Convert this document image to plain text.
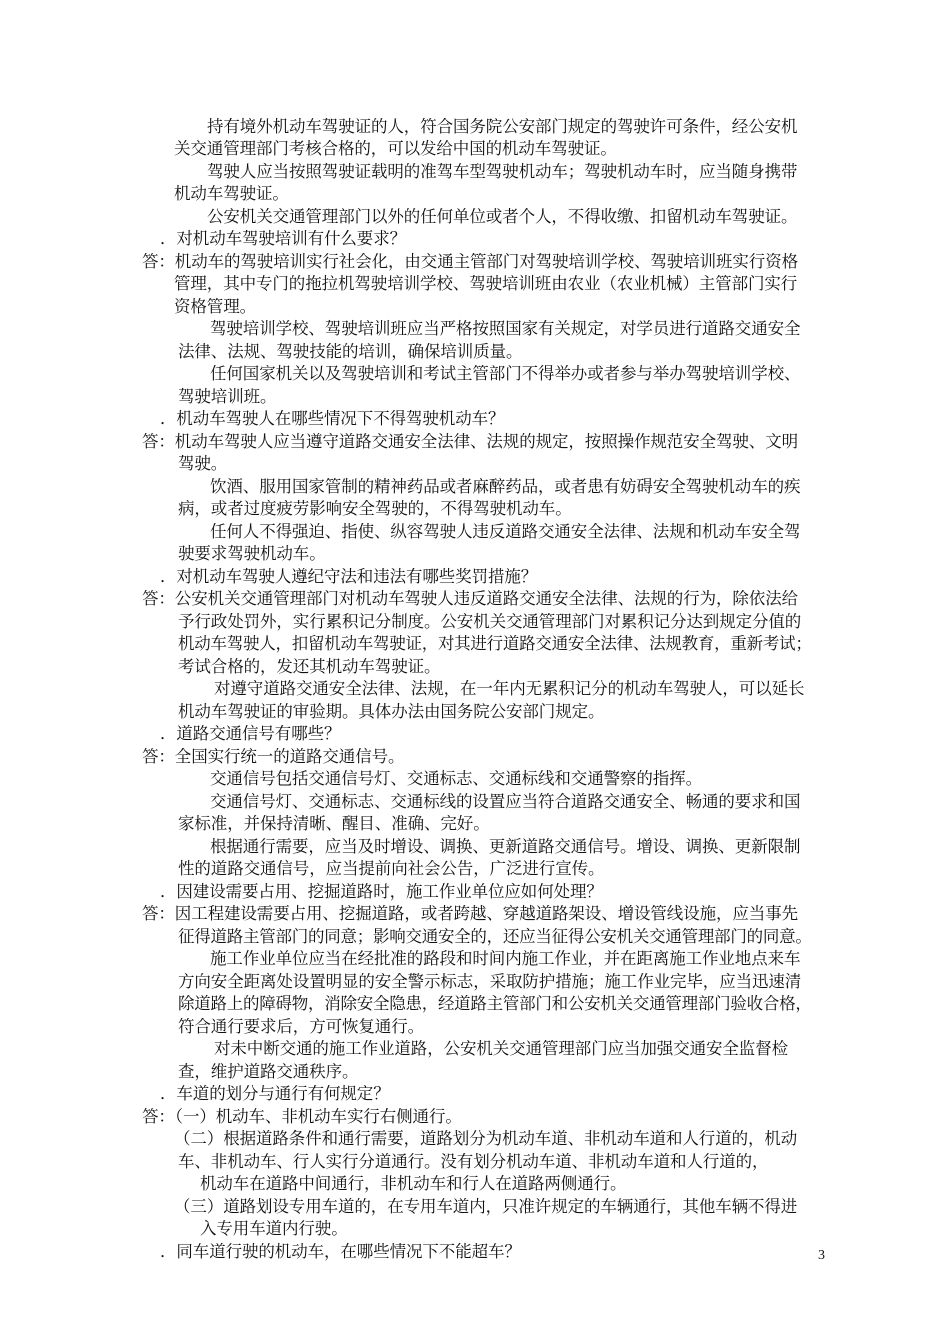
持有境外机动车驾驶证的人，符合国务院公安部门规定的驾驶许可条件，经公安机
关交通管理部门考核合格的，可以发给中国的机动车驾驶证。
驾驶人应当按照驾驶证载明的准驾车型驾驶机动车；驾驶机动车时，应当随身携带
机动车驾驶证。
公安机关交通管理部门以外的任何单位或者个人，不得收缴、扣留机动车驾驶证。
．对机动车驾驶培训有什么要求？
答：机动车的驾驶培训实行社会化，由交通主管部门对驾驶培训学校、驾驶培训班实行资格
管理，其中专门的拖拉机驾驶培训学校、驾驶培训班由农业（农业机械）主管部门实行
资格管理。
驾驶培训学校、驾驶培训班应当严格按照国家有关规定，对学员进行道路交通安全
法律、法规、驾驶技能的培训，确保培训质量。
任何国家机关以及驾驶培训和考试主管部门不得举办或者参与举办驾驶培训学校、
驾驶培训班。
．机动车驾驶人在哪些情况下不得驾驶机动车？
答：机动车驾驶人应当遵守道路交通安全法律、法规的规定，按照操作规范安全驾驶、文明
驾驶。
饮酒、服用国家管制的精神药品或者麻醉药品，或者患有妨碍安全驾驶机动车的疾
病，或者过度疲劳影响安全驾驶的，不得驾驶机动车。
任何人不得强迫、指使、纵容驾驶人违反道路交通安全法律、法规和机动车安全驾
驶要求驾驶机动车。
．对机动车驾驶人遵纪守法和违法有哪些奖罚措施？
答：公安机关交通管理部门对机动车驾驶人违反道路交通安全法律、法规的行为，除依法给
予行政处罚外，实行累积记分制度。公安机关交通管理部门对累积记分达到规定分值的
机动车驾驶人，扣留机动车驾驶证，对其进行道路交通安全法律、法规教育，重新考试；
考试合格的，发还其机动车驾驶证。
对遵守道路交通安全法律、法规，在一年内无累积记分的机动车驾驶人，可以延长
机动车驾驶证的审验期。具体办法由国务院公安部门规定。
．道路交通信号有哪些？
答：全国实行统一的道路交通信号。
交通信号包括交通信号灯、交通标志、交通标线和交通警察的指挥。
交通信号灯、交通标志、交通标线的设置应当符合道路交通安全、畅通的要求和国
家标准，并保持清晰、醒目、准确、完好。
根据通行需要，应当及时增设、调换、更新道路交通信号。增设、调换、更新限制
性的道路交通信号，应当提前向社会公告，广泛进行宣传。
．因建设需要占用、挖掘道路时，施工作业单位应如何处理？
答：因工程建设需要占用、挖掘道路，或者跨越、穿越道路架设、增设管线设施，应当事先
征得道路主管部门的同意；影响交通安全的，还应当征得公安机关交通管理部门的同意。
施工作业单位应当在经批准的路段和时间内施工作业，并在距离施工作业地点来车
方向安全距离处设置明显的安全警示标志，采取防护措施；施工作业完毕，应当迅速清
除道路上的障碍物，消除安全隐患，经道路主管部门和公安机关交通管理部门验收合格，
符合通行要求后，方可恢复通行。
对未中断交通的施工作业道路，公安机关交通管理部门应当加强交通安全监督检
查，维护道路交通秩序。
．车道的划分与通行有何规定？
答：（一）机动车、非机动车实行右侧通行。
（二）根据道路条件和通行需要，道路划分为机动车道、非机动车道和人行道的，机动
车、非机动车、行人实行分道通行。没有划分机动车道、非机动车道和人行道的，
机动车在道路中间通行，非机动车和行人在道路两侧通行。
（三）道路划设专用车道的，在专用车道内，只准许规定的车辆通行，其他车辆不得进
入专用车道内行驶。
．同车道行驶的机动车，在哪些情况下不能超车？	3
